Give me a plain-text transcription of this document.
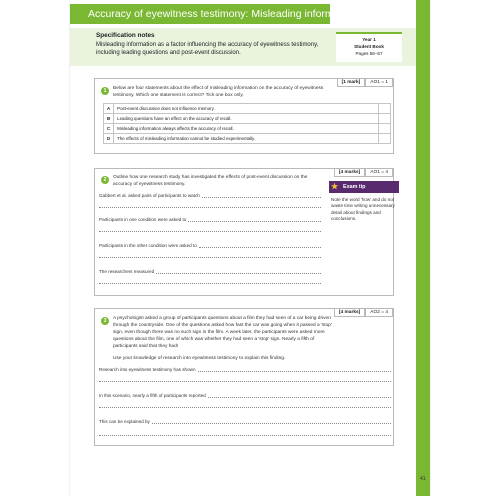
Accuracy of eyewitness testimony: Misleading information
Specification notes
Misleading information as a factor influencing the accuracy of eyewitness testimony, including leading questions and post-event discussion.
Year 1
Student Book
Pages 56–57
[1 mark]	AO1 = 1
1	Below are four statements about the effect of misleading information on the accuracy of eyewitness testimony. Which one statement is correct? Tick one box only.
A	Post-event discussion does not influence memory.	
B	Leading questions have an effect on the accuracy of recall.	
C	Misleading information always affects the accuracy of recall.	
D	The effects of misleading information cannot be studied experimentally.	
[4 marks]	AO1 = 4
2	Outline how one research study has investigated the effects of post-event discussion on the accuracy of eyewitness testimony.
Gabbert et al. asked pairs of participants to watch
Participants in one condition were asked to
Participants in the other condition were asked to
The researchers measured
★ Exam tip
Note the word 'how' and do not waste time writing unnecessary detail about findings and conclusions.
[4 marks]	AO2 = 4
3	A psychologist asked a group of participants questions about a film they had seen of a car being driven through the countryside. One of the questions asked how fast the car was going when it passed a 'stop' sign, even though there was no such sign in the film. A week later, the participants were asked more questions about the film, one of which was whether they had seen a 'stop' sign. Nearly a fifth of participants said that they had!
Use your knowledge of research into eyewitness testimony to explain this finding.
Research into eyewitness testimony has shown
In this scenario, nearly a fifth of participants reported
This can be explained by
41
